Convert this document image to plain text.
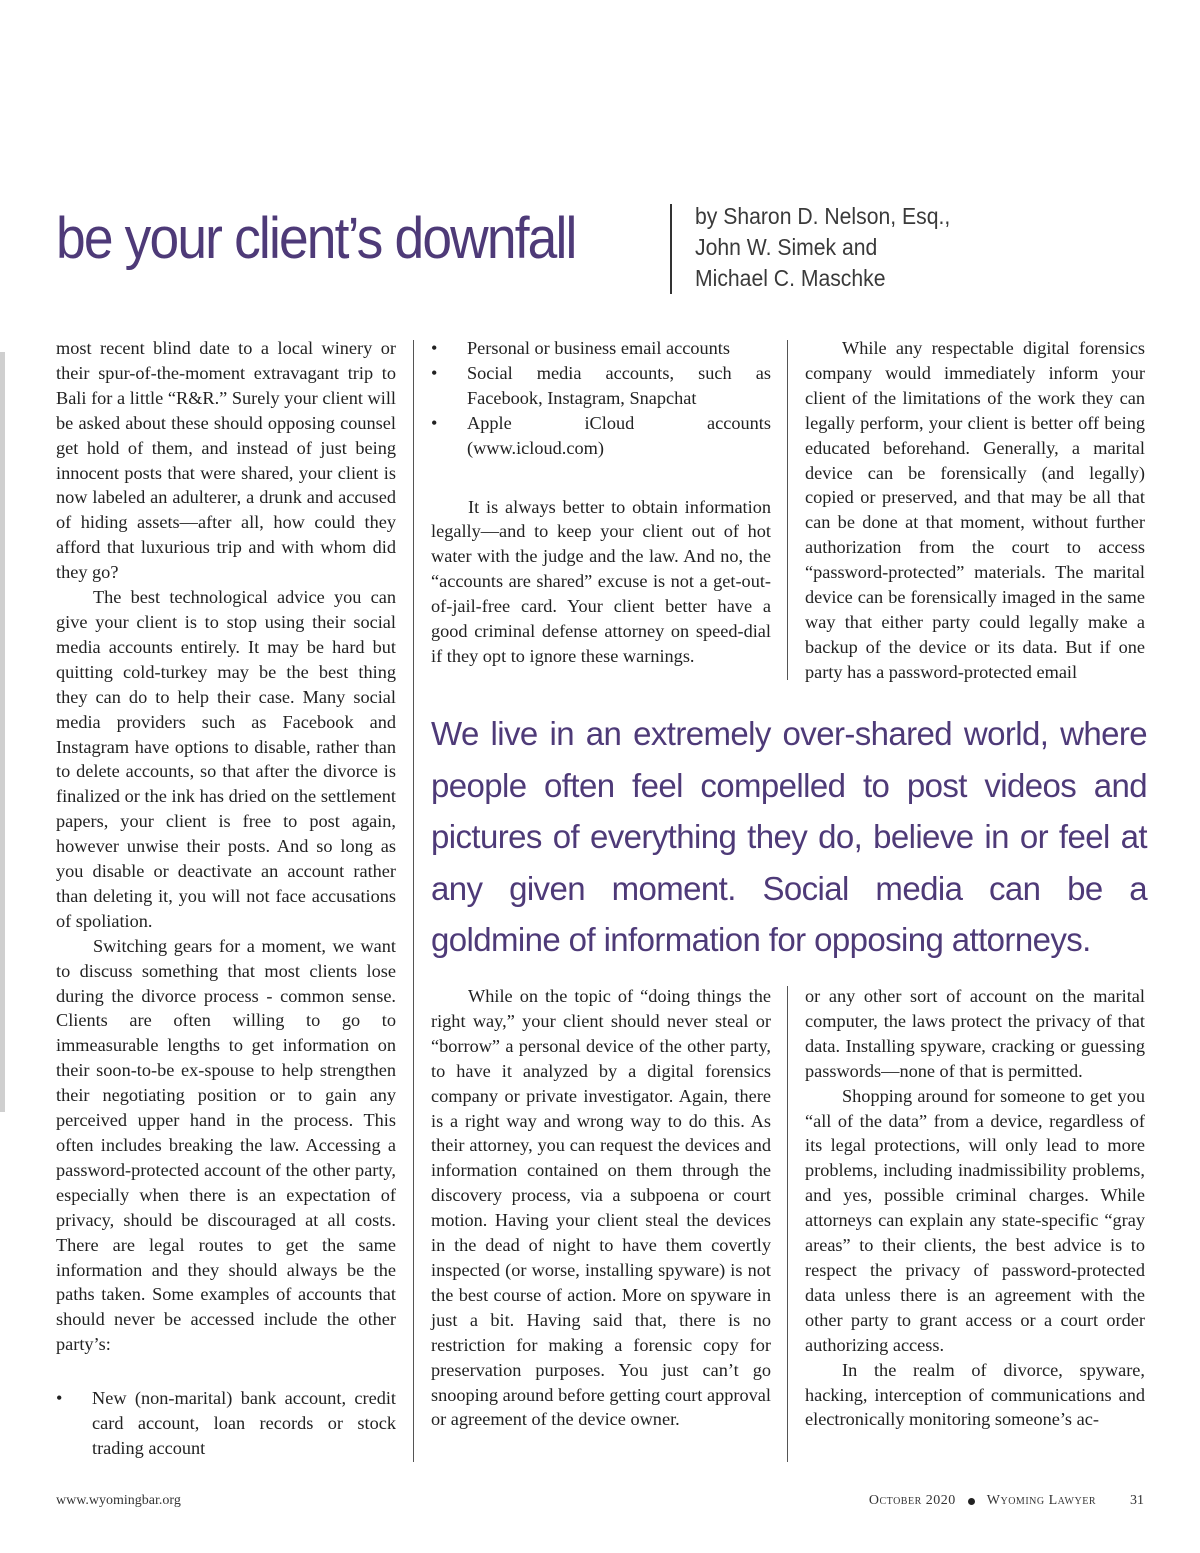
be your client’s downfall	by Sharon D. Nelson, Esq.,
John W. Simek and
Michael C. Maschke

most recent blind date to a local winery or their spur-of-the-moment extravagant trip to Bali for a little “R&R.” Surely your client will be asked about these should opposing counsel get hold of them, and instead of just being innocent posts that were shared, your client is now labeled an adulterer, a drunk and accused of hiding assets—after all, how could they afford that luxurious trip and with whom did they go?

The best technological advice you can give your client is to stop using their social media accounts entirely. It may be hard but quitting cold-turkey may be the best thing they can do to help their case. Many social media providers such as Facebook and Instagram have options to disable, rather than to delete accounts, so that after the divorce is finalized or the ink has dried on the settlement papers, your client is free to post again, however unwise their posts. And so long as you disable or deactivate an account rather than deleting it, you will not face accusations of spoliation.

Switching gears for a moment, we want to discuss something that most clients lose during the divorce process - common sense. Clients are often willing to go to immeasurable lengths to get information on their soon-to-be ex-spouse to help strengthen their negotiating position or to gain any perceived upper hand in the process. This often includes breaking the law. Accessing a password-protected account of the other party, especially when there is an expectation of privacy, should be discouraged at all costs. There are legal routes to get the same information and they should always be the paths taken. Some examples of accounts that should never be accessed include the other party’s:

• New (non-marital) bank account, credit card account, loan records or stock trading account
• Personal or business email accounts
• Social media accounts, such as Facebook, Instagram, Snapchat
• Apple iCloud accounts (www.icloud.com)

It is always better to obtain information legally—and to keep your client out of hot water with the judge and the law. And no, the “accounts are shared” excuse is not a get-out-of-jail-free card. Your client better have a good criminal defense attorney on speed-dial if they opt to ignore these warnings.

While any respectable digital forensics company would immediately inform your client of the limitations of the work they can legally perform, your client is better off being educated beforehand. Generally, a marital device can be forensically (and legally) copied or preserved, and that may be all that can be done at that moment, without further authorization from the court to access “password-protected” materials. The marital device can be forensically imaged in the same way that either party could legally make a backup of the device or its data. But if one party has a password-protected email

We live in an extremely over-shared world, where people often feel compelled to post videos and pictures of everything they do, believe in or feel at any given moment. Social media can be a goldmine of information for opposing attorneys.

While on the topic of “doing things the right way,” your client should never steal or “borrow” a personal device of the other party, to have it analyzed by a digital forensics company or private investigator. Again, there is a right way and wrong way to do this. As their attorney, you can request the devices and information contained on them through the discovery process, via a subpoena or court motion. Having your client steal the devices in the dead of night to have them covertly inspected (or worse, installing spyware) is not the best course of action. More on spyware in just a bit. Having said that, there is no restriction for making a forensic copy for preservation purposes. You just can’t go snooping around before getting court approval or agreement of the device owner.

or any other sort of account on the marital computer, the laws protect the privacy of that data. Installing spyware, cracking or guessing passwords—none of that is permitted.

Shopping around for someone to get you “all of the data” from a device, regardless of its legal protections, will only lead to more problems, including inadmissibility problems, and yes, possible criminal charges. While attorneys can explain any state-specific “gray areas” to their clients, the best advice is to respect the privacy of password-protected data unless there is an agreement with the other party to grant access or a court order authorizing access.

In the realm of divorce, spyware, hacking, interception of communications and electronically monitoring someone’s ac-

www.wyomingbar.org	October 2020 Wyoming Lawyer 31
